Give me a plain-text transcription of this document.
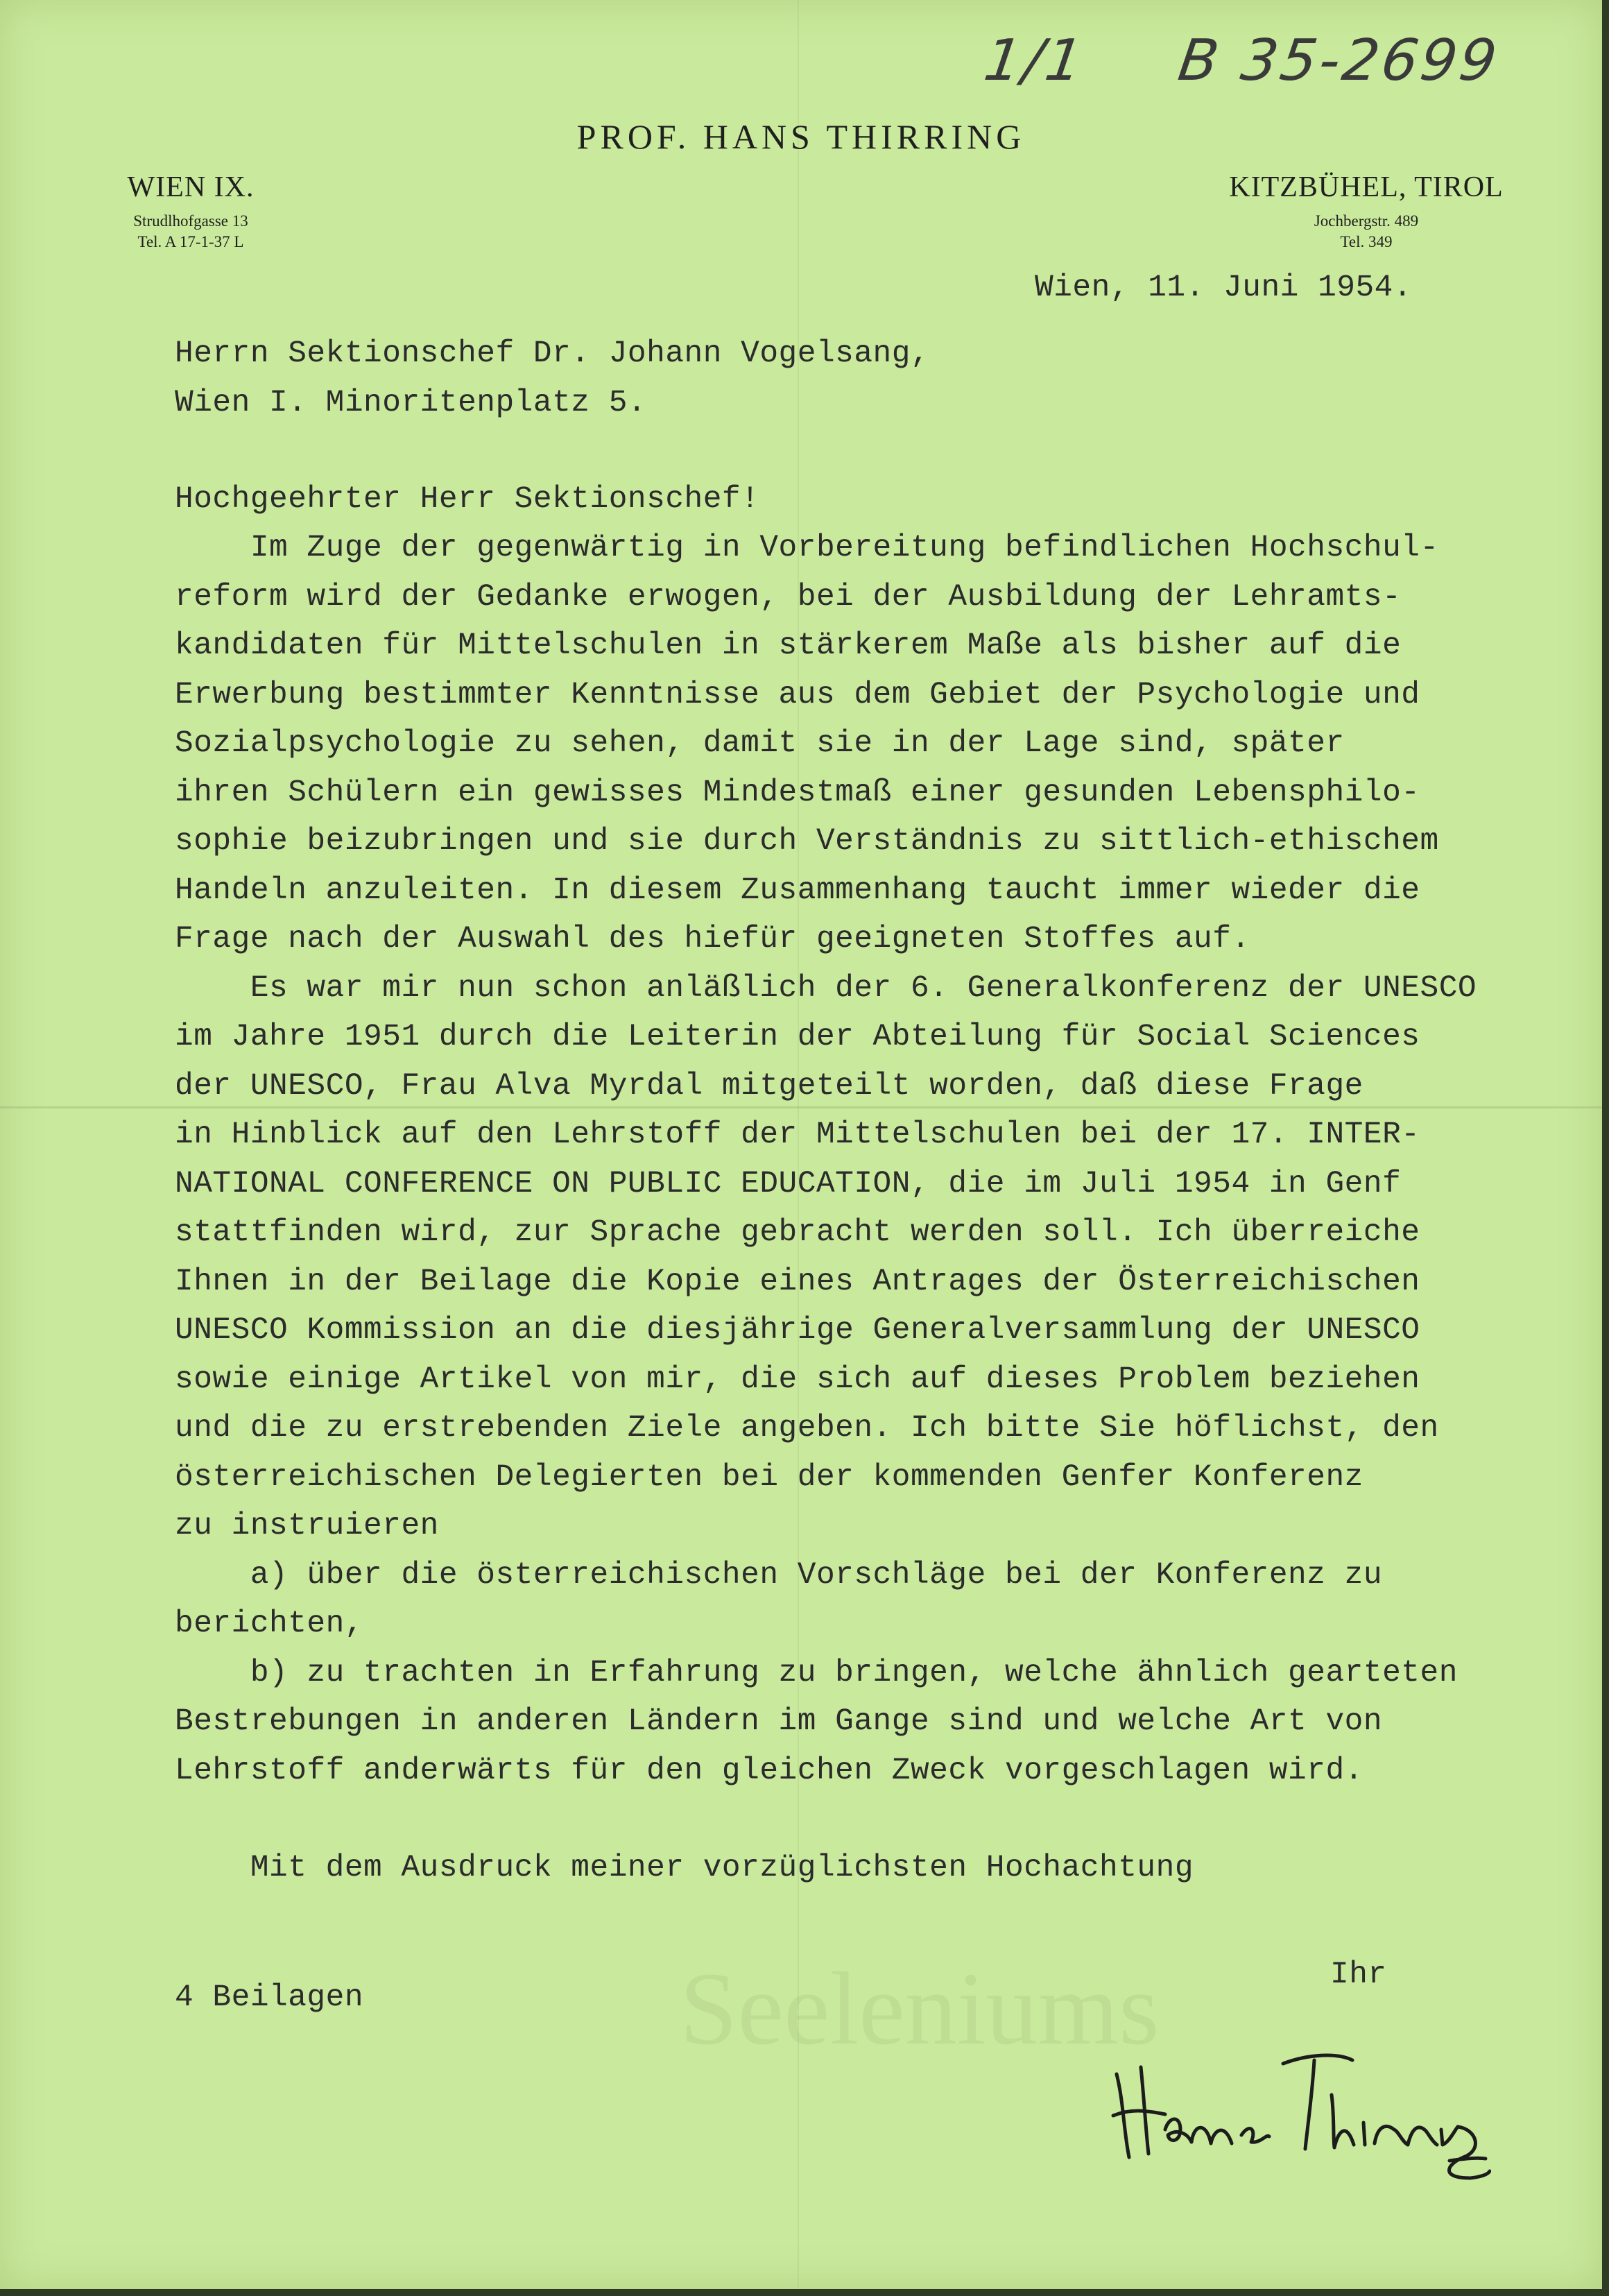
Seeleniums
1/1 B 35-2699
PROF. HANS THIRRING
WIEN IX.
Strudlhofgasse 13
Tel. A 17-1-37 L
KITZBÜHEL, TIROL
Jochbergstr. 489
Tel. 349
Wien, 11. Juni 1954.
Herrn Sektionschef Dr. Johann Vogelsang,
Wien I. Minoritenplatz 5.
Hochgeehrter Herr Sektionschef!
Im Zuge der gegenwärtig in Vorbereitung befindlichen Hochschul-
reform wird der Gedanke erwogen, bei der Ausbildung der Lehramts-
kandidaten für Mittelschulen in stärkerem Maße als bisher auf die
Erwerbung bestimmter Kenntnisse aus dem Gebiet der Psychologie und
Sozialpsychologie zu sehen, damit sie in der Lage sind, später
ihren Schülern ein gewisses Mindestmaß einer gesunden Lebensphilo-
sophie beizubringen und sie durch Verständnis zu sittlich-ethischem
Handeln anzuleiten. In diesem Zusammenhang taucht immer wieder die
Frage nach der Auswahl des hiefür geeigneten Stoffes auf.
Es war mir nun schon anläßlich der 6. Generalkonferenz der UNESCO
im Jahre 1951 durch die Leiterin der Abteilung für Social Sciences
der UNESCO, Frau Alva Myrdal mitgeteilt worden, daß diese Frage
in Hinblick auf den Lehrstoff der Mittelschulen bei der 17. INTER-
NATIONAL CONFERENCE ON PUBLIC EDUCATION, die im Juli 1954 in Genf
stattfinden wird, zur Sprache gebracht werden soll. Ich überreiche
Ihnen in der Beilage die Kopie eines Antrages der Österreichischen
UNESCO Kommission an die diesjährige Generalversammlung der UNESCO
sowie einige Artikel von mir, die sich auf dieses Problem beziehen
und die zu erstrebenden Ziele angeben. Ich bitte Sie höflichst, den
österreichischen Delegierten bei der kommenden Genfer Konferenz
zu instruieren
a) über die österreichischen Vorschläge bei der Konferenz zu
berichten,
b) zu trachten in Erfahrung zu bringen, welche ähnlich gearteten
Bestrebungen in anderen Ländern im Gange sind und welche Art von
Lehrstoff anderwärts für den gleichen Zweck vorgeschlagen wird.
Mit dem Ausdruck meiner vorzüglichsten Hochachtung
Ihr
4 Beilagen
